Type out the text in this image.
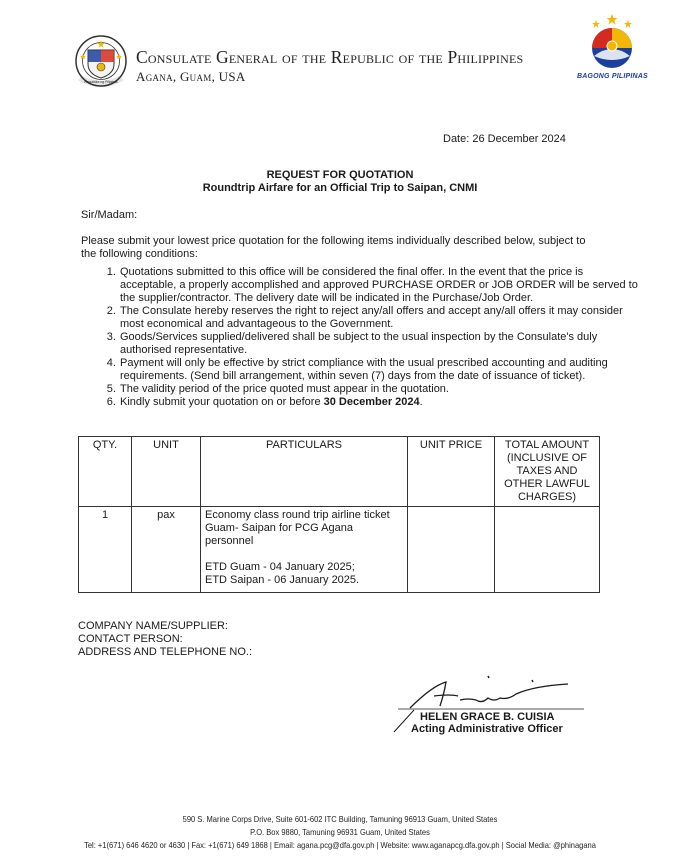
Republika ng Pilipinas
Consulate General of the Republic of the Philippines
Agana, Guam, USA	BAGONG PILIPINAS
Date: 26 December 2024
REQUEST FOR QUOTATION
Roundtrip Airfare for an Official Trip to Saipan, CNMI
Sir/Madam:
Please submit your lowest price quotation for the following items individually described below, subject to the following conditions:
1. Quotations submitted to this office will be considered the final offer. In the event that the price is acceptable, a properly accomplished and approved PURCHASE ORDER or JOB ORDER will be served to the supplier/contractor. The delivery date will be indicated in the Purchase/Job Order.
2. The Consulate hereby reserves the right to reject any/all offers and accept any/all offers it may consider most economical and advantageous to the Government.
3. Goods/Services supplied/delivered shall be subject to the usual inspection by the Consulate's duly authorised representative.
4. Payment will only be effective by strict compliance with the usual prescribed accounting and auditing requirements. (Send bill arrangement, within seven (7) days from the date of issuance of ticket).
5. The validity period of the price quoted must appear in the quotation.
6. Kindly submit your quotation on or before 30 December 2024.
QTY.	UNIT	PARTICULARS	UNIT PRICE	TOTAL AMOUNT (INCLUSIVE OF TAXES AND OTHER LAWFUL CHARGES)
1	pax	Economy class round trip airline ticket Guam- Saipan for PCG Agana personnel
ETD Guam - 04 January 2025;
ETD Saipan - 06 January 2025.		

COMPANY NAME/SUPPLIER:
CONTACT PERSON:
ADDRESS AND TELEPHONE NO.:
HELEN GRACE B. CUISIA
Acting Administrative Officer
590 S. Marine Corps Drive, Suite 601-602 ITC Building, Tamuning 96913 Guam, United States
P.O. Box 9880, Tamuning 96931 Guam, United States
Tel: +1(671) 646 4620 or 4630 | Fax: +1(671) 649 1868 | Email: agana.pcg@dfa.gov.ph | Website: www.aganapcg.dfa.gov.ph | Social Media: @phinagana
